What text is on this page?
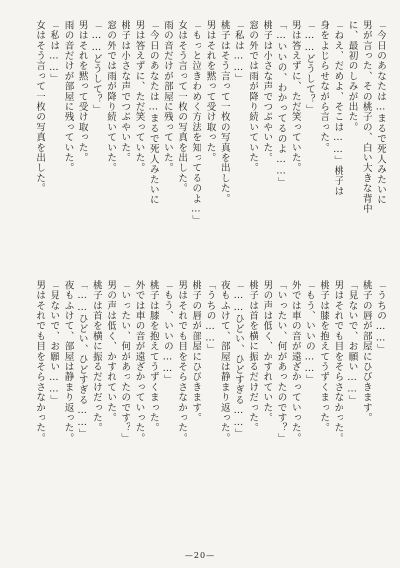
「今日のあなたは…まるで死人みたいに
男が言った、その桃子の、白い大きな背中
に、最初のしみが出た。
「ねえ、だめよ、そこは……」桃子は
身をよじらせながら言った。
「……どうして？」
男は答えずに、ただ笑っていた。
「…いいの、わかってるのよ……」
桃子は小さな声でつぶやいた。
窓の外では雨が降り続いていた。
「私は……」
桃子はそう言って一枚の写真を出した。
男はそれを黙って受け取った。
「もっと泣きわめく方法を知ってるのよ…」
女はそう言って一枚の写真を出した。
雨の音だけが部屋に残っていた。
「今日のあなたは…まるで死人みたいに
男は答えずに、ただ笑っていた。
桃子は小さな声でつぶやいた。
窓の外では雨が降り続いていた。
「……どうして？」
男はそれを黙って受け取った。
雨の音だけが部屋に残っていた。
「私は……」
女はそう言って一枚の写真を出した。
「うちの……」
桃子の唇が部屋にひびきます。
「見ないで、お願い……」
男はそれでも目をそらさなかった。
桃子は膝を抱えてうずくまった。
「もう、いいの……」
外では車の音が遠ざかっていった。
「いったい、何があったのです？」
男の声は低く、かすれていた。
桃子は首を横に振るだけだった。
「……ひどい、ひどすぎる……」
夜もふけて、部屋は静まり返った。
「うちの……」
桃子の唇が部屋にひびきます。
男はそれでも目をそらさなかった。
「もう、いいの……」
桃子は膝を抱えてうずくまった。
外では車の音が遠ざかっていった。
「いったい、何があったのです？」
男の声は低く、かすれていた。
桃子は首を横に振るだけだった。
「……ひどい、ひどすぎる……」
夜もふけて、部屋は静まり返った。
「見ないで、お願い……」
男はそれでも目をそらさなかった。
—20—
